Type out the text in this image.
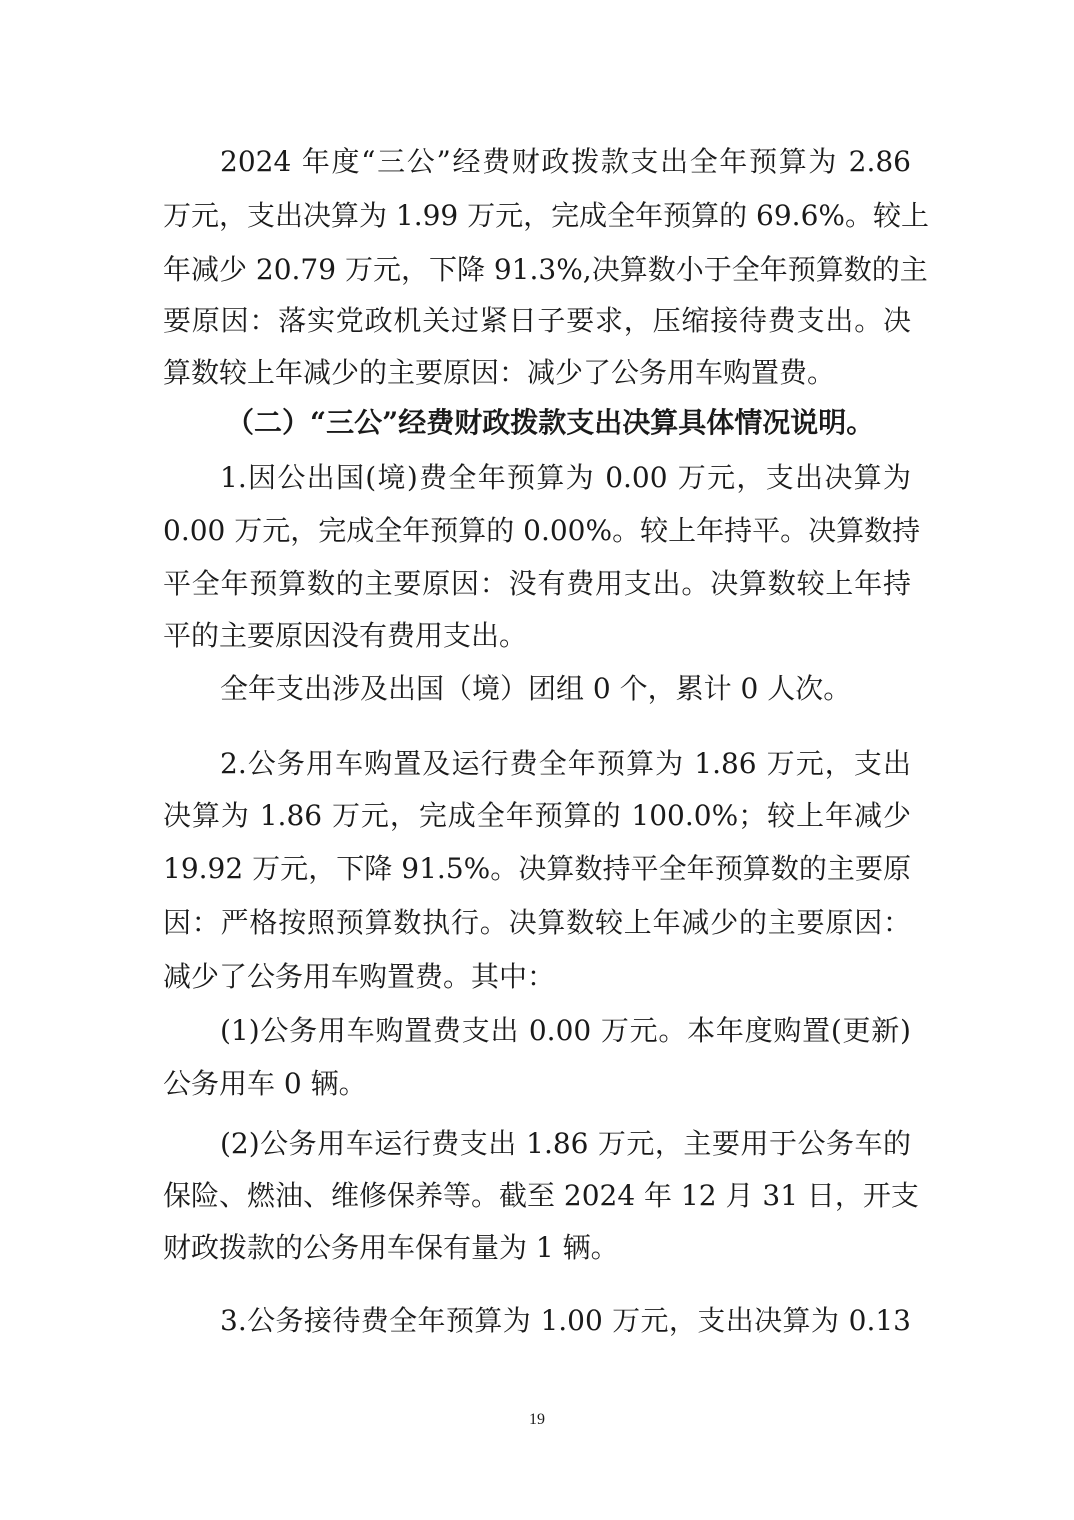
2024 年度“三公”经费财政拨款支出全年预算为 2.86

万元，支出决算为 1.99 万元，完成全年预算的 69.6%。较上

年减少 20.79 万元，下降 91.3%,决算数小于全年预算数的主

要原因：落实党政机关过紧日子要求，压缩接待费支出。决

算数较上年减少的主要原因：减少了公务用车购置费。

（二）“三公”经费财政拨款支出决算具体情况说明。

1.因公出国(境)费全年预算为 0.00 万元，支出决算为

0.00 万元，完成全年预算的 0.00%。较上年持平。决算数持

平全年预算数的主要原因：没有费用支出。决算数较上年持

平的主要原因没有费用支出。

全年支出涉及出国（境）团组 0 个，累计 0 人次。

2.公务用车购置及运行费全年预算为 1.86 万元，支出

决算为 1.86 万元，完成全年预算的 100.0%；较上年减少

19.92 万元，下降 91.5%。决算数持平全年预算数的主要原

因：严格按照预算数执行。决算数较上年减少的主要原因：

减少了公务用车购置费。其中：

(1)公务用车购置费支出 0.00 万元。本年度购置(更新)

公务用车 0 辆。

(2)公务用车运行费支出 1.86 万元，主要用于公务车的

保险、燃油、维修保养等。截至 2024 年 12 月 31 日，开支

财政拨款的公务用车保有量为 1 辆。

3.公务接待费全年预算为 1.00 万元，支出决算为 0.13

19
